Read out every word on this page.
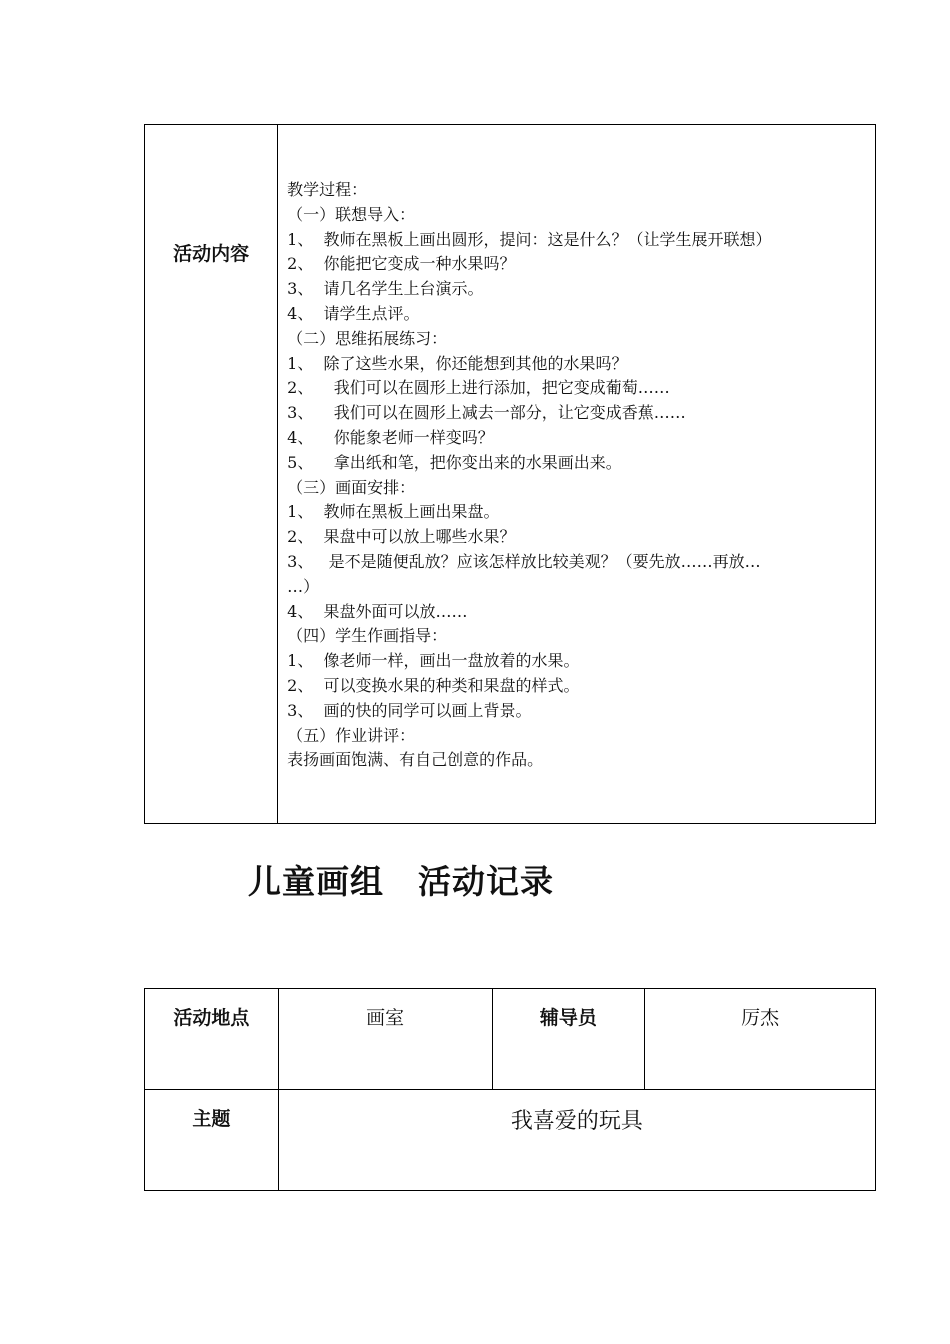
活动内容	
教学过程：
（一）联想导入：
1、  教师在黑板上画出圆形，提问：这是什么？（让学生展开联想）
2、  你能把它变成一种水果吗？
3、  请几名学生上台演示。
4、  请学生点评。
（二）思维拓展练习：
1、  除了这些水果，你还能想到其他的水果吗？
2、    我们可以在圆形上进行添加，把它变成葡萄……
3、    我们可以在圆形上减去一部分，让它变成香蕉……
4、    你能象老师一样变吗？
5、    拿出纸和笔，把你变出来的水果画出来。
（三）画面安排：
1、  教师在黑板上画出果盘。
2、  果盘中可以放上哪些水果？
3、   是不是随便乱放？应该怎样放比较美观？（要先放……再放…
…）
4、  果盘外面可以放……
（四）学生作画指导：
1、  像老师一样，画出一盘放着的水果。
2、  可以变换水果的种类和果盘的样式。
3、  画的快的同学可以画上背景。
（五）作业讲评：
表扬画面饱满、有自己创意的作品。
儿童画组　活动记录
活动地点	画室	辅导员	厉杰
主题	我喜爱的玩具		
